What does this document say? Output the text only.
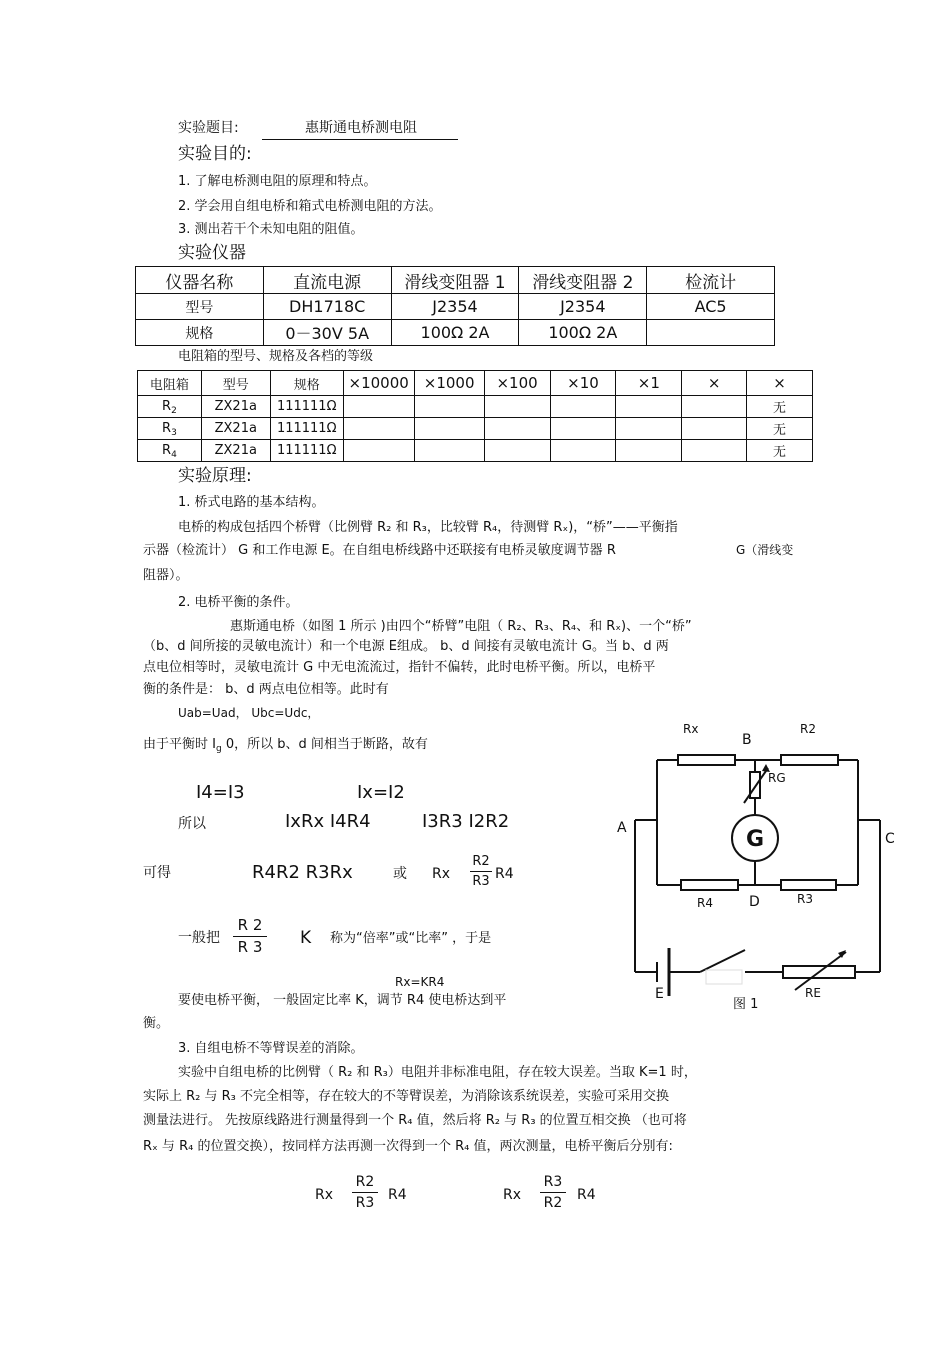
实验题目:	惠斯通电桥测电阻
实验目的:
1. 了解电桥测电阻的原理和特点。
2. 学会用自组电桥和箱式电桥测电阻的方法。
3. 测出若干个未知电阻的阻值。
实验仪器
仪器名称	直流电源	滑线变阻器 1	滑线变阻器 2	检流计
型号	DH1718C	J2354	J2354	AC5
规格	0－30V 5A	100Ω 2A	100Ω 2A	
电阻箱的型号、规格及各档的等级
电阻箱	型号	规格	×10000	×1000	×100	×10	×1	×	×
$R_2$	ZX21a	111111Ω							无
$R_3$	ZX21a	111111Ω							无
$R_4$	ZX21a	111111Ω							无
实验原理:
1. 桥式电路的基本结构。
电桥的构成包括四个桥臂（比例臂 R₂ 和 R₃，比较臂 R₄，待测臂 Rₓ)，“桥”——平衡指
示器（检流计） G 和工作电源 E。在自组电桥线路中还联接有电桥灵敏度调节器 R	G（滑线变
阻器）。
2. 电桥平衡的条件。
惠斯通电桥（如图 1 所示 )由四个“桥臂”电阻（ R₂、R₃、R₄、和 Rₓ)、一个“桥”
（b、d 间所接的灵敏电流计）和一个电源 E组成。 b、d 间接有灵敏电流计 G。当 b、d 两
点电位相等时，灵敏电流计 G 中无电流流过，指针不偏转，此时电桥平衡。所以，电桥平
衡的条件是： b、d 两点电位相等。此时有
Uab=Uad， Ubc=Udc，
由于平衡时 $I_g$ 0，所以 b、d 间相当于断路，故有
I4=I3	Ix=I2
所以	IxRx I4R4	I3R3 I2R2
可得	R4R2 R3Rx	或 Rx
R2
R3 R4
一般把
R 2
R 3 K 称为“倍率”或“比率” ，于是
Rx=KR4
要使电桥平衡， 一般固定比率 K，调节 R4 使电桥达到平
衡。
3. 自组电桥不等臂误差的消除。
实验中自组电桥的比例臂（ R₂ 和 R₃）电阻并非标准电阻，存在较大误差。当取 K=1 时，
实际上 R₂ 与 R₃ 不完全相等，存在较大的不等臂误差，为消除该系统误差，实验可采用交换
测量法进行。 先按原线路进行测量得到一个 R₄ 值，然后将 R₂ 与 R₃ 的位置互相交换 （也可将
Rₓ 与 R₄ 的位置交换），按同样方法再测一次得到一个 R₄ 值，两次测量，电桥平衡后分别有:
Rx
R2
R3 R4	Rx
R3
R2 R4
Rx	R2
B
RG
A
C
G
R4	D	R3
E	RE
图 1
